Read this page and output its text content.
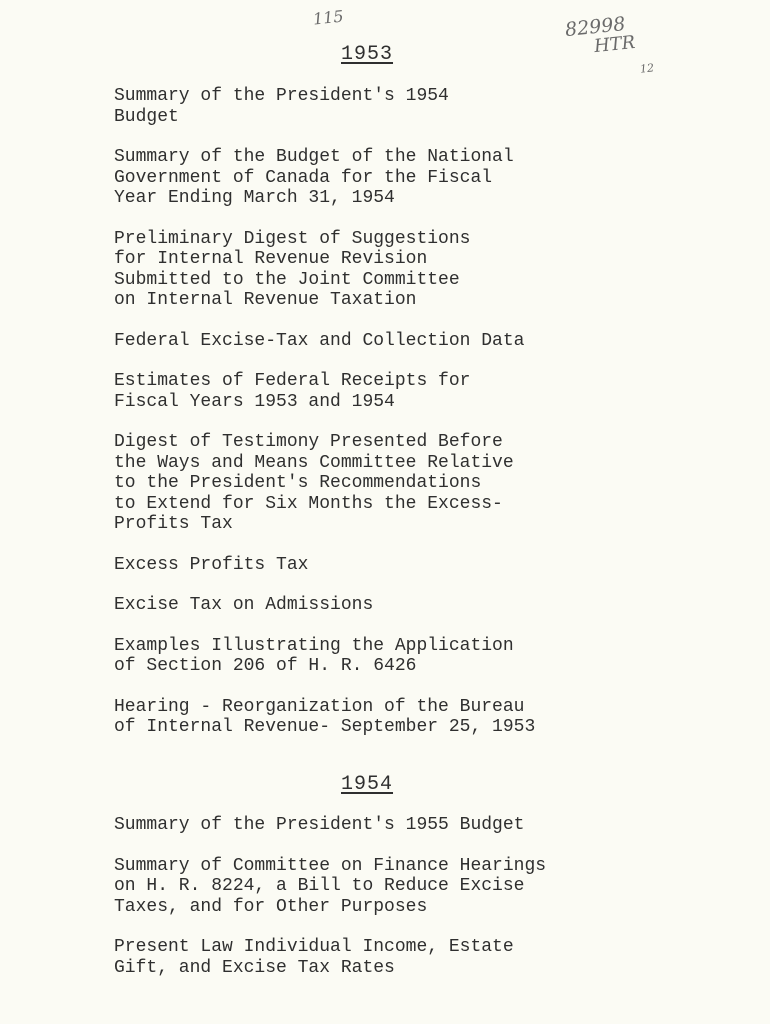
115	82998
HTR
12
1953
Summary of the President's 1954
Budget
Summary of the Budget of the National
Government of Canada for the Fiscal
Year Ending March 31, 1954
Preliminary Digest of Suggestions
for Internal Revenue Revision
Submitted to the Joint Committee
on Internal Revenue Taxation
Federal Excise-Tax and Collection Data
Estimates of Federal Receipts for
Fiscal Years 1953 and 1954
Digest of Testimony Presented Before
the Ways and Means Committee Relative
to the President's Recommendations
to Extend for Six Months the Excess-
Profits Tax
Excess Profits Tax
Excise Tax on Admissions
Examples Illustrating the Application
of Section 206 of H. R. 6426
Hearing - Reorganization of the Bureau
of Internal Revenue- September 25, 1953
1954
Summary of the President's 1955 Budget
Summary of Committee on Finance Hearings
on H. R. 8224, a Bill to Reduce Excise
Taxes, and for Other Purposes
Present Law Individual Income, Estate
Gift, and Excise Tax Rates
